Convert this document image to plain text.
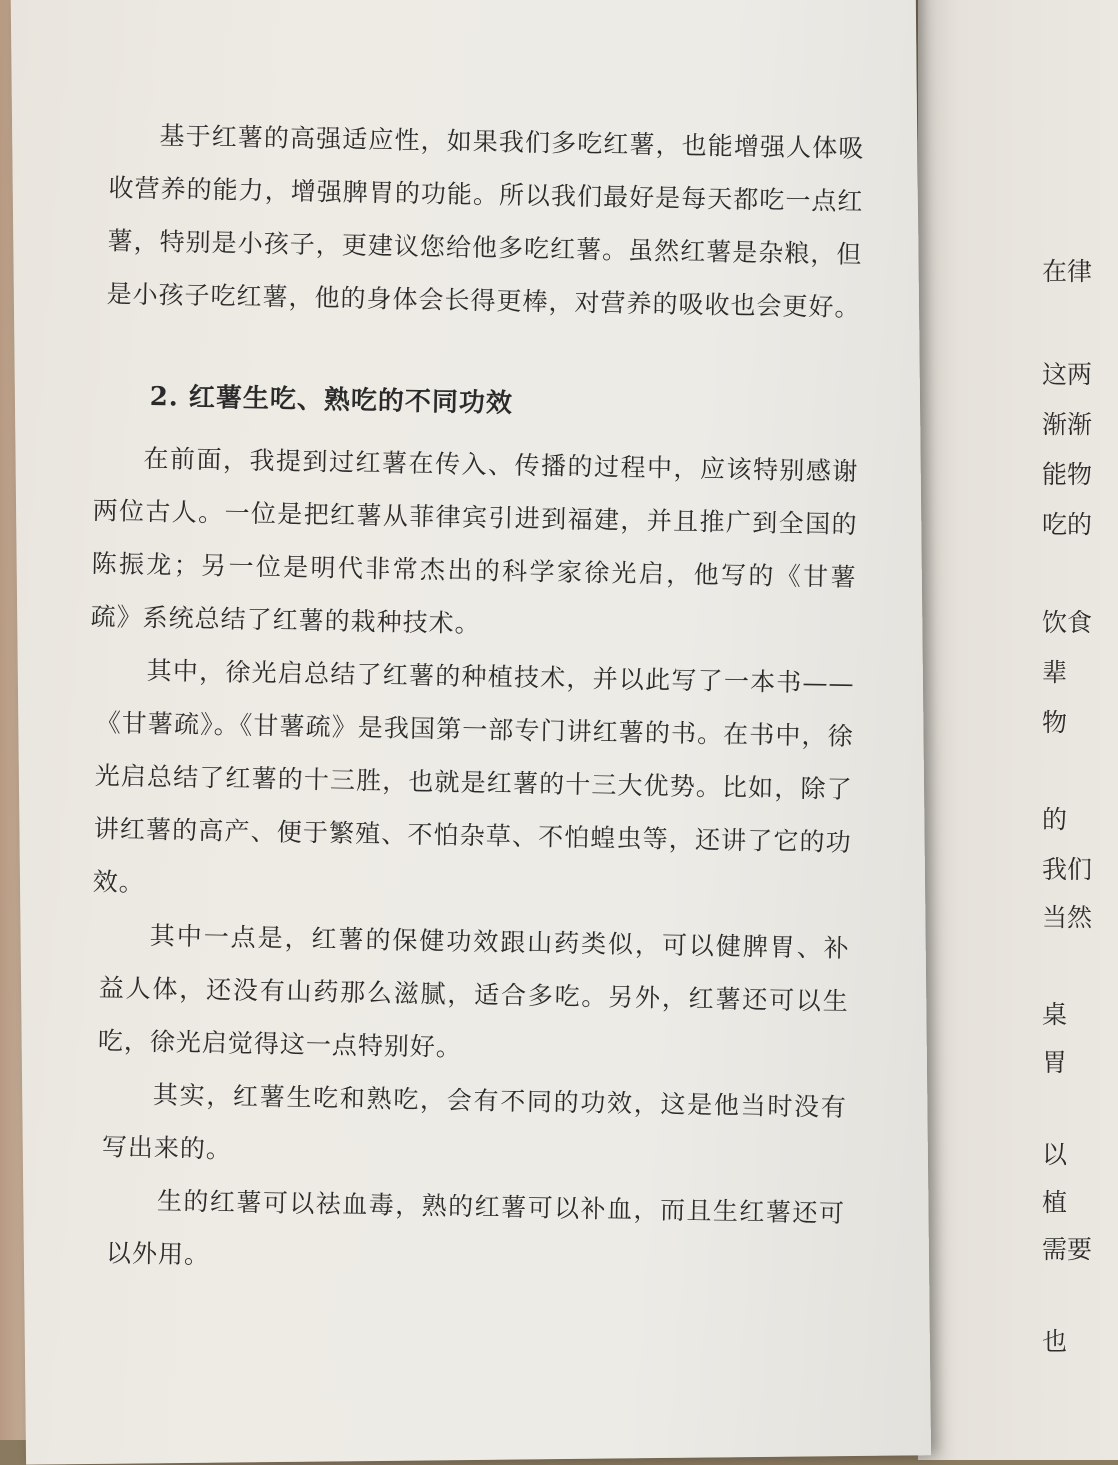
在律
这两
渐渐
能物
吃的
饮食
辈
物
的
我们
当然
桌
胃
以
植
需要
也

基于红薯的高强适应性，如果我们多吃红薯，也能增强人体吸收营养的能力，增强脾胃的功能。所以我们最好是每天都吃一点红薯，特别是小孩子，更建议您给他多吃红薯。虽然红薯是杂粮，但是小孩子吃红薯，他的身体会长得更棒，对营养的吸收也会更好。

2. 红薯生吃、熟吃的不同功效

在前面，我提到过红薯在传入、传播的过程中，应该特别感谢两位古人。一位是把红薯从菲律宾引进到福建，并且推广到全国的陈振龙；另一位是明代非常杰出的科学家徐光启，他写的《甘薯疏》系统总结了红薯的栽种技术。

其中，徐光启总结了红薯的种植技术，并以此写了一本书——《甘薯疏》。《甘薯疏》是我国第一部专门讲红薯的书。在书中，徐光启总结了红薯的十三胜，也就是红薯的十三大优势。比如，除了讲红薯的高产、便于繁殖、不怕杂草、不怕蝗虫等，还讲了它的功效。

其中一点是，红薯的保健功效跟山药类似，可以健脾胃、补益人体，还没有山药那么滋腻，适合多吃。另外，红薯还可以生吃，徐光启觉得这一点特别好。

其实，红薯生吃和熟吃，会有不同的功效，这是他当时没有写出来的。

生的红薯可以祛血毒，熟的红薯可以补血，而且生红薯还可以外用。
